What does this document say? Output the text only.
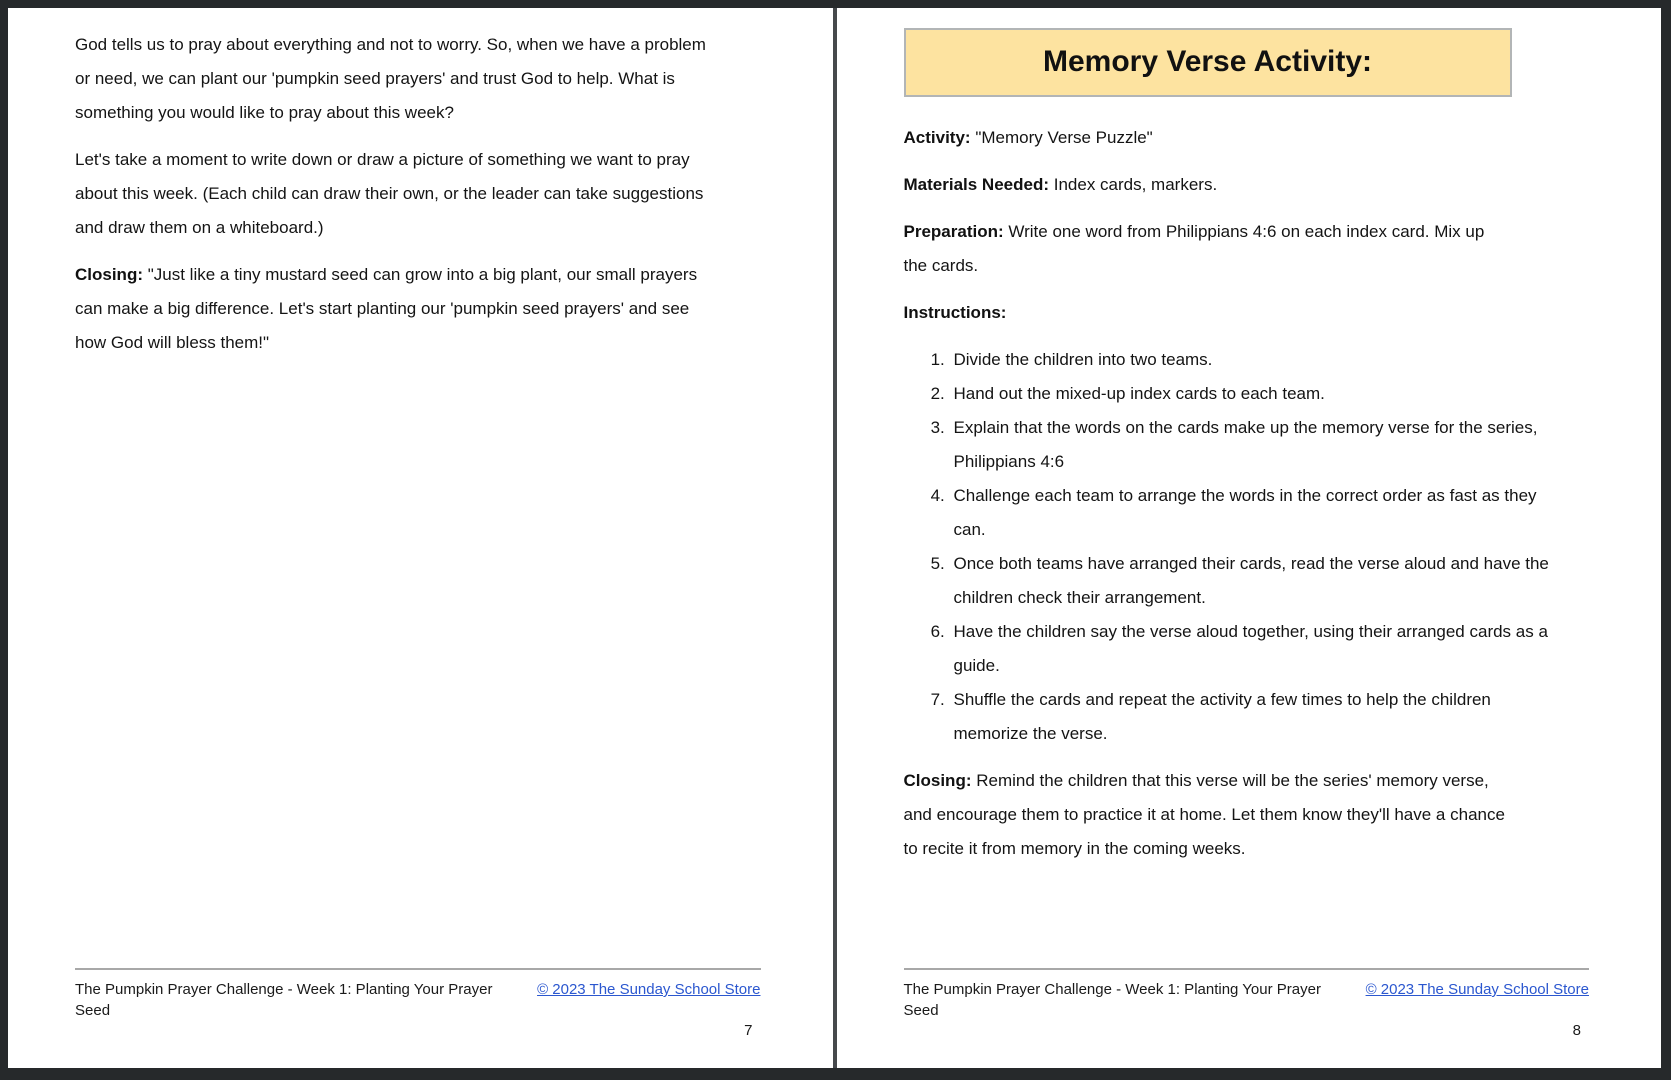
God tells us to pray about everything and not to worry. So, when we have a problem or need, we can plant our 'pumpkin seed prayers' and trust God to help. What is something you would like to pray about this week?

Let's take a moment to write down or draw a picture of something we want to pray about this week. (Each child can draw their own, or the leader can take suggestions and draw them on a whiteboard.)

Closing: "Just like a tiny mustard seed can grow into a big plant, our small prayers can make a big difference. Let's start planting our 'pumpkin seed prayers' and see how God will bless them!"

The Pumpkin Prayer Challenge - Week 1: Planting Your Prayer Seed
© 2023 The Sunday School Store
7
Memory Verse Activity:

Activity: "Memory Verse Puzzle"

Materials Needed: Index cards, markers.

Preparation: Write one word from Philippians 4:6 on each index card. Mix up the cards.

Instructions:

1. Divide the children into two teams.
2. Hand out the mixed-up index cards to each team.
3. Explain that the words on the cards make up the memory verse for the series, Philippians 4:6
4. Challenge each team to arrange the words in the correct order as fast as they can.
5. Once both teams have arranged their cards, read the verse aloud and have the children check their arrangement.
6. Have the children say the verse aloud together, using their arranged cards as a guide.
7. Shuffle the cards and repeat the activity a few times to help the children memorize the verse.

Closing: Remind the children that this verse will be the series' memory verse, and encourage them to practice it at home. Let them know they'll have a chance to recite it from memory in the coming weeks.

The Pumpkin Prayer Challenge - Week 1: Planting Your Prayer Seed
© 2023 The Sunday School Store
8
